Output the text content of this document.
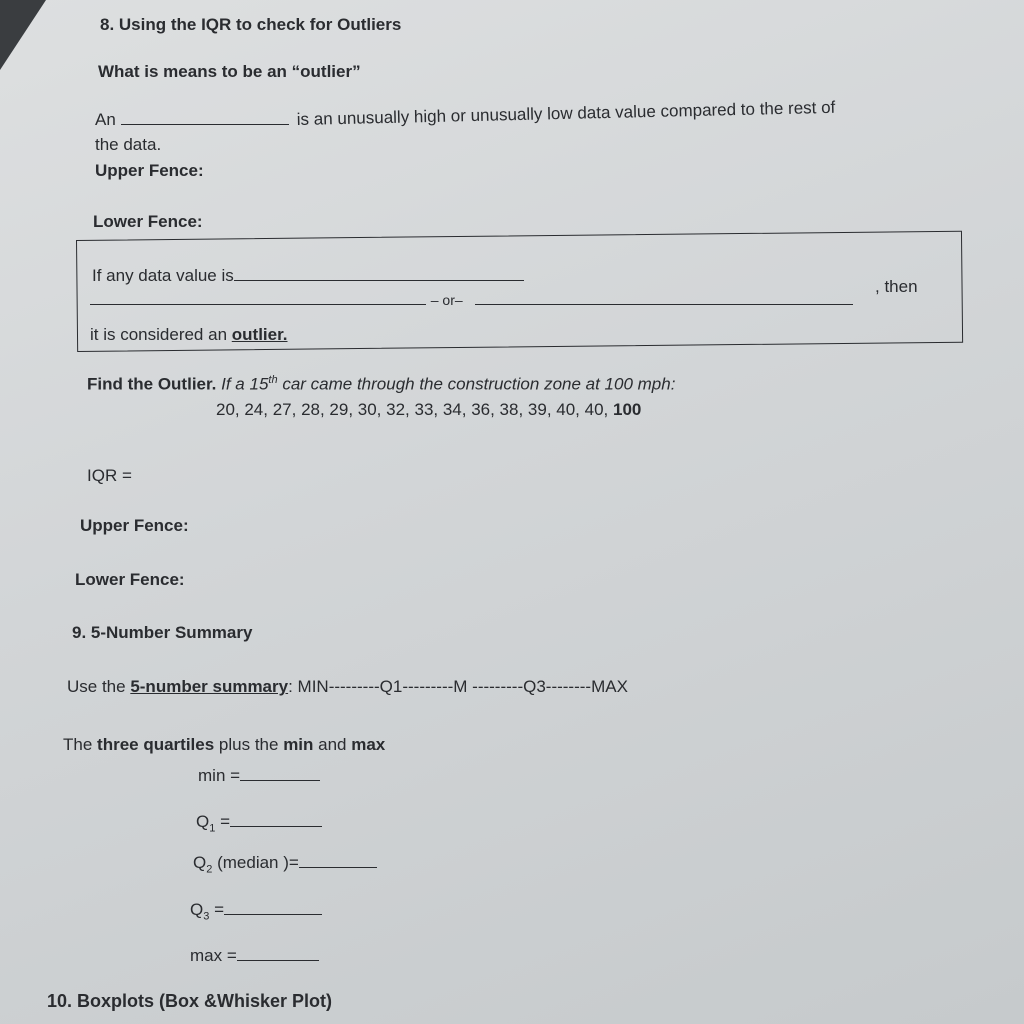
8. Using the IQR to check for Outliers
What is means to be an “outlier”
An	is an unusually high or unusually low data value compared to the rest of
the data.
Upper Fence:
Lower Fence:
If any data value is
– or–
, then
it is considered an outlier.
Find the Outlier. If a 15th car came through the construction zone at 100 mph:
20, 24, 27, 28, 29, 30, 32, 33, 34, 36, 38, 39, 40, 40, 100
IQR =
Upper Fence:
Lower Fence:
9. 5-Number Summary
Use the 5-number summary: MIN---------Q1---------M ---------Q3--------MAX
The three quartiles plus the min and max
min =
$Q_1$ =
$Q_2$ (median )=
$Q_3$ =
max =
10. Boxplots (Box &Whisker Plot)
